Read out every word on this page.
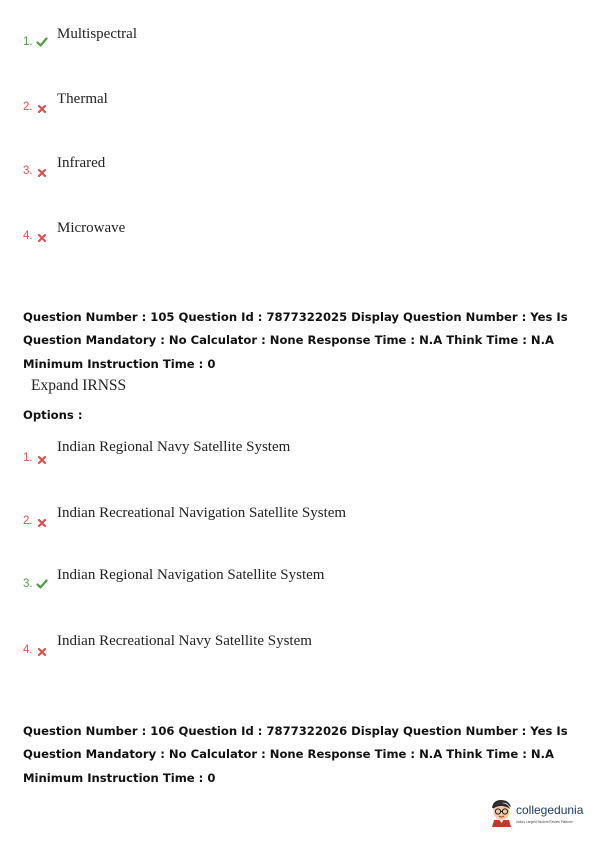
1. Multispectral
2. Thermal
3. Infrared
4. Microwave
Question Number : 105 Question Id : 7877322025 Display Question Number : Yes Is Question Mandatory : No Calculator : None Response Time : N.A Think Time : N.A Minimum Instruction Time : 0
Expand IRNSS
Options :
1.
Indian Regional Navy Satellite System
2. Indian Recreational Navigation Satellite System
3.
Indian Regional Navigation Satellite System
4.
Indian Recreational Navy Satellite System
Question Number : 106 Question Id : 7877322026 Display Question Number : Yes Is Question Mandatory : No Calculator : None Response Time : N.A Think Time : N.A Minimum Instruction Time : 0
collegedunia
India's Largest Student Review Platform
